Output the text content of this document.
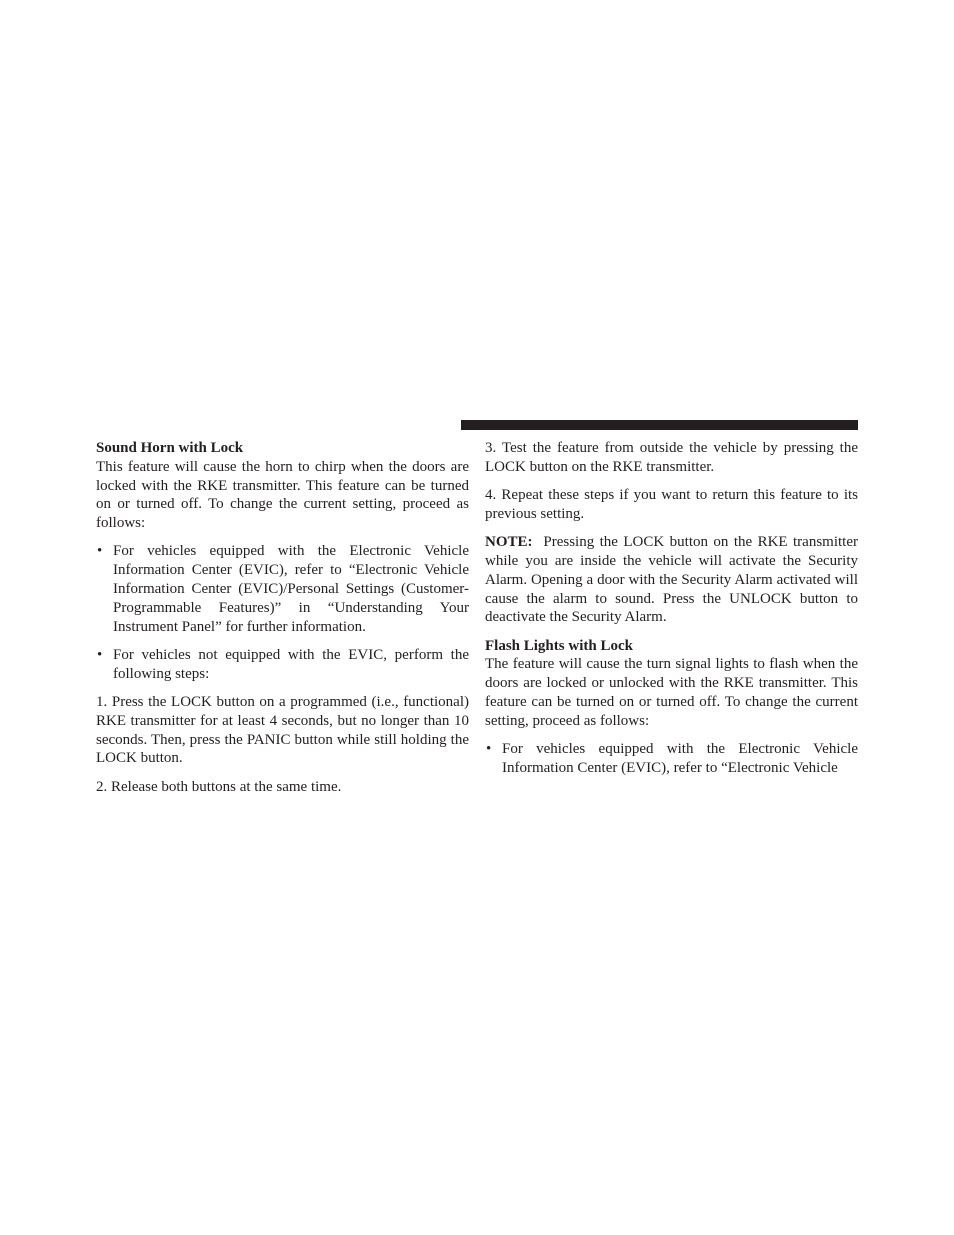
Sound Horn with Lock

This feature will cause the horn to chirp when the doors are locked with the RKE transmitter. This feature can be turned on or turned off. To change the current setting, proceed as follows:

• For vehicles equipped with the Electronic Vehicle Information Center (EVIC), refer to “Electronic Vehicle Information Center (EVIC)/Personal Settings (Customer-Programmable Features)” in “Understanding Your Instrument Panel” for further information.

• For vehicles not equipped with the EVIC, perform the following steps:

1. Press the LOCK button on a programmed (i.e., functional) RKE transmitter for at least 4 seconds, but no longer than 10 seconds. Then, press the PANIC button while still holding the LOCK button.

2. Release both buttons at the same time.

3. Test the feature from outside the vehicle by pressing the LOCK button on the RKE transmitter.

4. Repeat these steps if you want to return this feature to its previous setting.

NOTE: Pressing the LOCK button on the RKE transmitter while you are inside the vehicle will activate the Security Alarm. Opening a door with the Security Alarm activated will cause the alarm to sound. Press the UNLOCK button to deactivate the Security Alarm.

Flash Lights with Lock

The feature will cause the turn signal lights to flash when the doors are locked or unlocked with the RKE transmitter. This feature can be turned on or turned off. To change the current setting, proceed as follows:

• For vehicles equipped with the Electronic Vehicle Information Center (EVIC), refer to “Electronic Vehicle
